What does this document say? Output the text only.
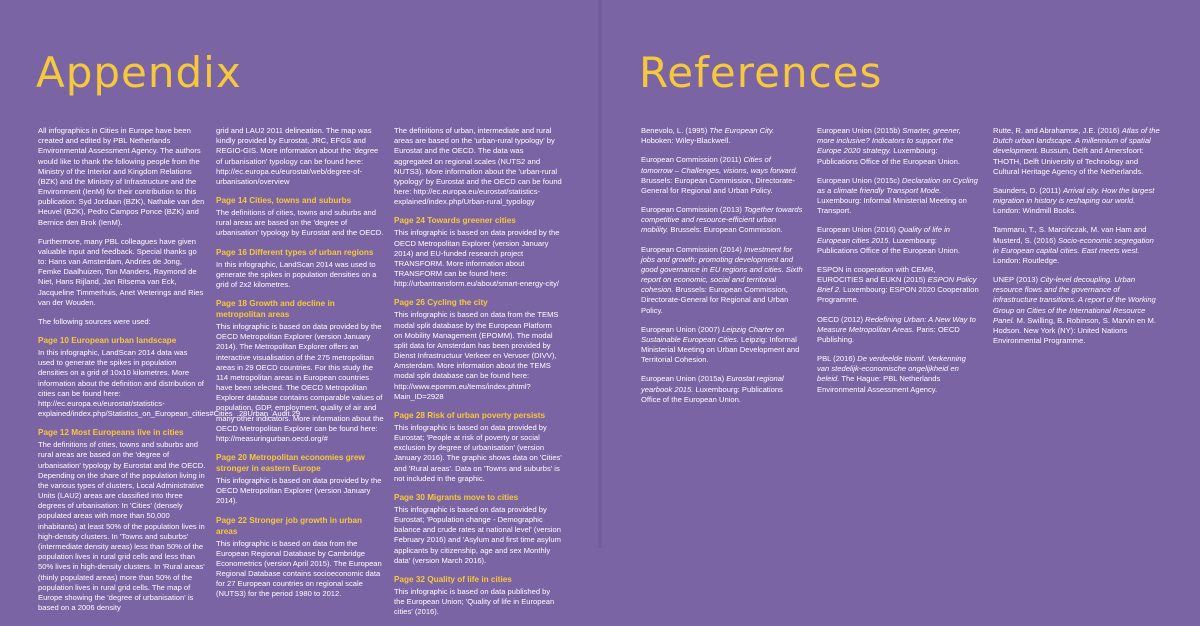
Appendix	References

All infographics in Cities in Europe have been created and edited by PBL Netherlands Environmental Assessment Agency. The authors would like to thank the following people from the Ministry of the Interior and Kingdom Relations (BZK) and the Ministry of Infrastructure and the Environment (IenM) for their contribution to this publication: Syd Jordaan (BZK), Nathalie van den Heuvel (BZK), Pedro Campos Ponce (BZK) and Bernice den Brok (IenM).

Furthermore, many PBL colleagues have given valuable input and feedback. Special thanks go to: Hans van Amsterdam, Andries de Jong, Femke Daalhuizen, Ton Manders, Raymond de Niet, Hans Rijland, Jan Ritsema van Eck, Jacqueline Timmerhuis, Anet Weterings and Ries van der Wouden.

The following sources were used:

Page 10 European urban landscape

In this infographic, LandScan 2014 data was used to generate the spikes in population densities on a grid of 10x10 kilometres. More information about the definition and distribution of cities can be found here: http://ec.europa.eu/eurostat/statistics-explained/index.php/Statistics_on_European_cities#Cities_.28Urban_Audit.29

Page 12 Most Europeans live in cities

The definitions of cities, towns and suburbs and rural areas are based on the 'degree of urbanisation' typology by Eurostat and the OECD. Depending on the share of the population living in the various types of clusters, Local Administrative Units (LAU2) areas are classified into three degrees of urbanisation: In 'Cities' (densely populated areas with more than 50,000 inhabitants) at least 50% of the population lives in high-density clusters. In 'Towns and suburbs' (intermediate density areas) less than 50% of the population lives in rural grid cells and less than 50% lives in high-density clusters. In 'Rural areas' (thinly populated areas) more than 50% of the population lives in rural grid cells. The map of Europe showing the 'degree of urbanisation' is based on a 2006 density

grid and LAU2 2011 delineation. The map was kindly provided by Eurostat, JRC, EFGS and REGIO-GIS. More information about the 'degree of urbanisation' typology can be found here: http://ec.europa.eu/eurostat/web/degree-of-urbanisation/overview

Page 14 Cities, towns and suburbs

The definitions of cities, towns and suburbs and rural areas are based on the 'degree of urbanisation' typology by Eurostat and the OECD.

Page 16 Different types of urban regions

In this infographic, LandScan 2014 was used to generate the spikes in population densities on a grid of 2x2 kilometres.

Page 18 Growth and decline in metropolitan areas

This infographic is based on data provided by the OECD Metropolitan Explorer (version January 2014). The Metropolitan Explorer offers an interactive visualisation of the 275 metropolitan areas in 29 OECD countries. For this study the 114 metropolitan areas in European countries have been selected. The OECD Metropolitan Explorer database contains comparable values of population, GDP, employment, quality of air and many other indicators. More information about the OECD Metropolitan Explorer can be found here: http://measuringurban.oecd.org/#

Page 20 Metropolitan economies grew stronger in eastern Europe

This infographic is based on data provided by the OECD Metropolitan Explorer (version January 2014).

Page 22 Stronger job growth in urban areas

This infographic is based on data from the European Regional Database by Cambridge Econometrics (version April 2015). The European Regional Database contains socioeconomic data for 27 European countries on regional scale (NUTS3) for the period 1980 to 2012.

The definitions of urban, intermediate and rural areas are based on the 'urban-rural typology' by Eurostat and the OECD. The data was aggregated on regional scales (NUTS2 and NUTS3). More information about the 'urban-rural typology' by Eurostat and the OECD can be found here: http://ec.europa.eu/eurostat/statistics-explained/index.php/Urban-rural_typology

Page 24 Towards greener cities

This infographic is based on data provided by the OECD Metropolitan Explorer (version January 2014) and EU-funded research project TRANSFORM. More information about TRANSFORM can be found here: http://urbantransform.eu/about/smart-energy-city/

Page 26 Cycling the city

This infographic is based on data from the TEMS modal split database by the European Platform on Mobility Management (EPOMM). The modal split data for Amsterdam has been provided by Dienst Infrastructuur Verkeer en Vervoer (DIVV), Amsterdam. More information about the TEMS modal split database can be found here: http://www.epomm.eu/tems/index.phtml?Main_ID=2928

Page 28 Risk of urban poverty persists

This infographic is based on data provided by Eurostat; 'People at risk of poverty or social exclusion by degree of urbanisation' (version January 2016). The graphic shows data on 'Cities' and 'Rural areas'. Data on 'Towns and suburbs' is not included in the graphic.

Page 30 Migrants move to cities

This infographic is based on data provided by Eurostat; 'Population change - Demographic balance and crude rates at national level' (version February 2016) and 'Asylum and first time asylum applicants by citizenship, age and sex Monthly data' (version March 2016).

Page 32 Quality of life in cities

This infographic is based on data published by the European Union; 'Quality of life in European cities' (2016).

Benevolo, L. (1995) The European City. Hoboken: Wiley-Blackwell.

European Commission (2011) Cities of tomorrow – Challenges, visions, ways forward. Brussels: European Commission, Directorate-General for Regional and Urban Policy.

European Commission (2013) Together towards competitive and resource-efficient urban mobility. Brussels: European Commission.

European Commission (2014) Investment for jobs and growth: promoting development and good governance in EU regions and cities. Sixth report on economic, social and territorial cohesion. Brussels: European Commission, Directorate-General for Regional and Urban Policy.

European Union (2007) Leipzig Charter on Sustainable European Cities. Leipzig: Informal Ministerial Meeting on Urban Development and Territorial Cohesion.

European Union (2015a) Eurostat regional yearbook 2015. Luxembourg: Publications Office of the European Union.

European Union (2015b) Smarter, greener, more inclusive? Indicators to support the Europe 2020 strategy. Luxembourg: Publications Office of the European Union.

European Union (2015c) Declaration on Cycling as a climate friendly Transport Mode. Luxembourg: Informal Ministerial Meeting on Transport.

European Union (2016) Quality of life in European cities 2015. Luxembourg: Publications Office of the European Union.

ESPON in cooperation with CEMR, EUROCITIES and EUKN (2015) ESPON Policy Brief 2. Luxembourg: ESPON 2020 Cooperation Programme.

OECD (2012) Redefining Urban: A New Way to Measure Metropolitan Areas. Paris: OECD Publishing.

PBL (2016) De verdeelde triomf. Verkenning van stedelijk-economische ongelijkheid en beleid. The Hague: PBL Netherlands Environmental Assessment Agency.

Rutte, R. and Abrahamse, J.E. (2016) Atlas of the Dutch urban landscape. A millennium of spatial development. Bussum, Delft and Amersfoort: THOTH, Delft University of Technology and Cultural Heritage Agency of the Netherlands.

Saunders, D. (2011) Arrival city. How the largest migration in history is reshaping our world. London: Windmill Books.

Tammaru, T., S. Marcińczak, M. van Ham and Musterd, S. (2016) Socio-economic segregation in European capital cities. East meets west. London: Routledge.

UNEP (2013) City-level decoupling. Urban resource flows and the governance of infrastructure transitions. A report of the Working Group on Cities of the International Resource Panel. M. Swilling, B. Robinson, S. Marvin en M. Hodson. New York (NY): United Nations Environmental Programme.
